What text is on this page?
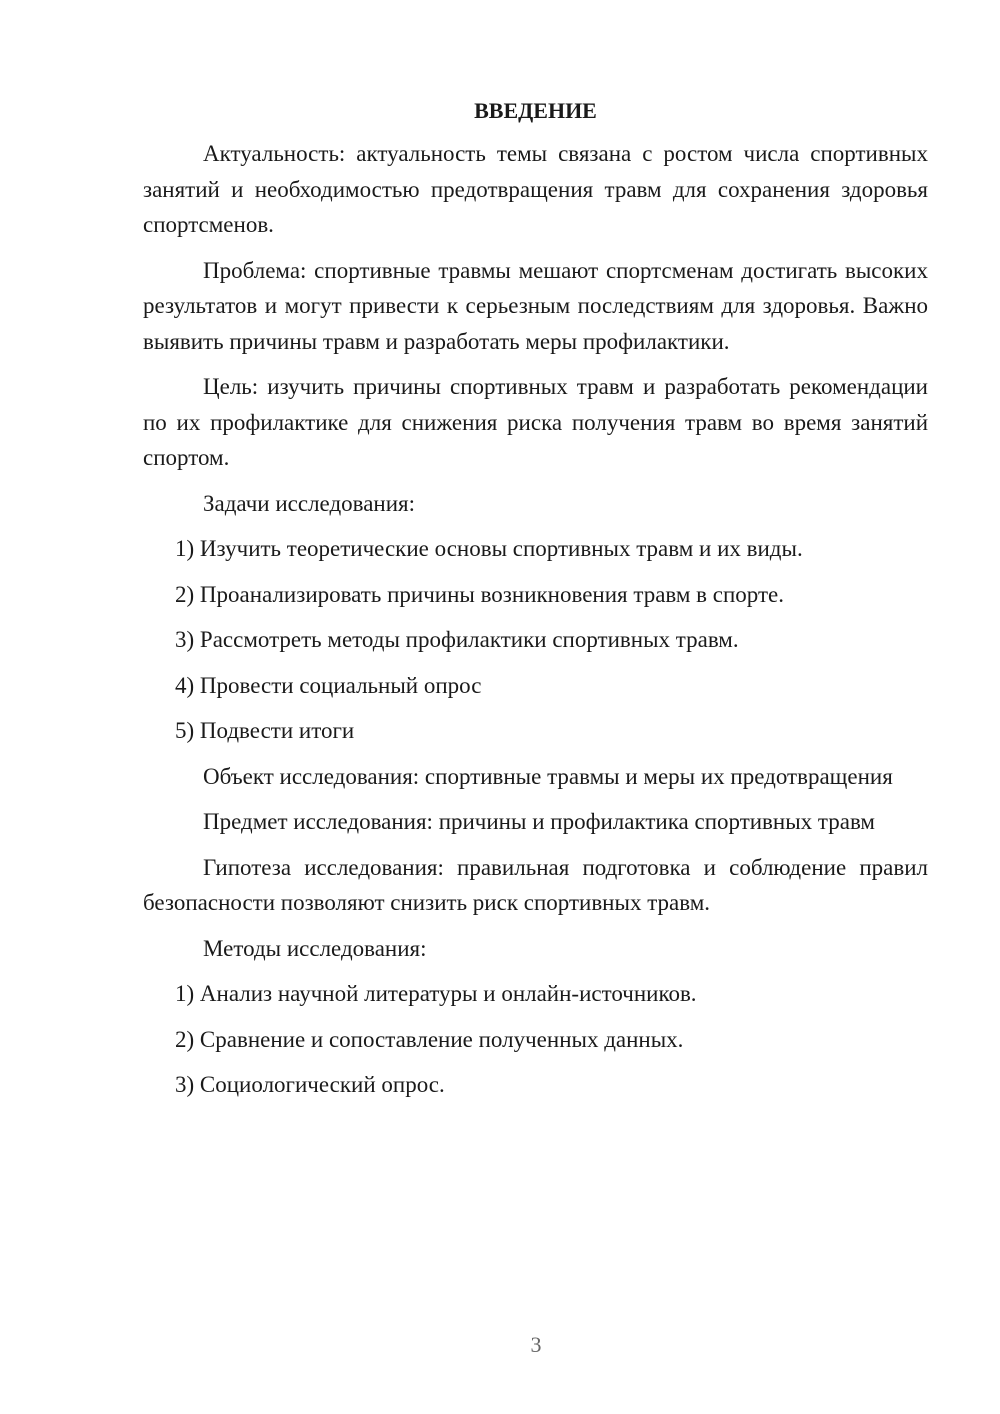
ВВЕДЕНИЕ
Актуальность: актуальность темы связана с ростом числа спортивных занятий и необходимостью предотвращения травм для сохранения здоровья спортсменов.
Проблема: спортивные травмы мешают спортсменам достигать высоких результатов и могут привести к серьезным последствиям для здоровья. Важно выявить причины травм и разработать меры профилактики.
Цель: изучить причины спортивных травм и разработать рекомендации по их профилактике для снижения риска получения травм во время занятий спортом.
Задачи исследования:
1) Изучить теоретические основы спортивных травм и их виды.
2) Проанализировать причины возникновения травм в спорте.
3) Рассмотреть методы профилактики спортивных травм.
4) Провести социальный опрос
5) Подвести итоги
Объект исследования: спортивные травмы и меры их предотвращения
Предмет исследования: причины и профилактика спортивных травм
Гипотеза исследования: правильная подготовка и соблюдение правил безопасности позволяют снизить риск спортивных травм.
Методы исследования:
1) Анализ научной литературы и онлайн-источников.
2) Сравнение и сопоставление полученных данных.
3) Социологический опрос.
3
